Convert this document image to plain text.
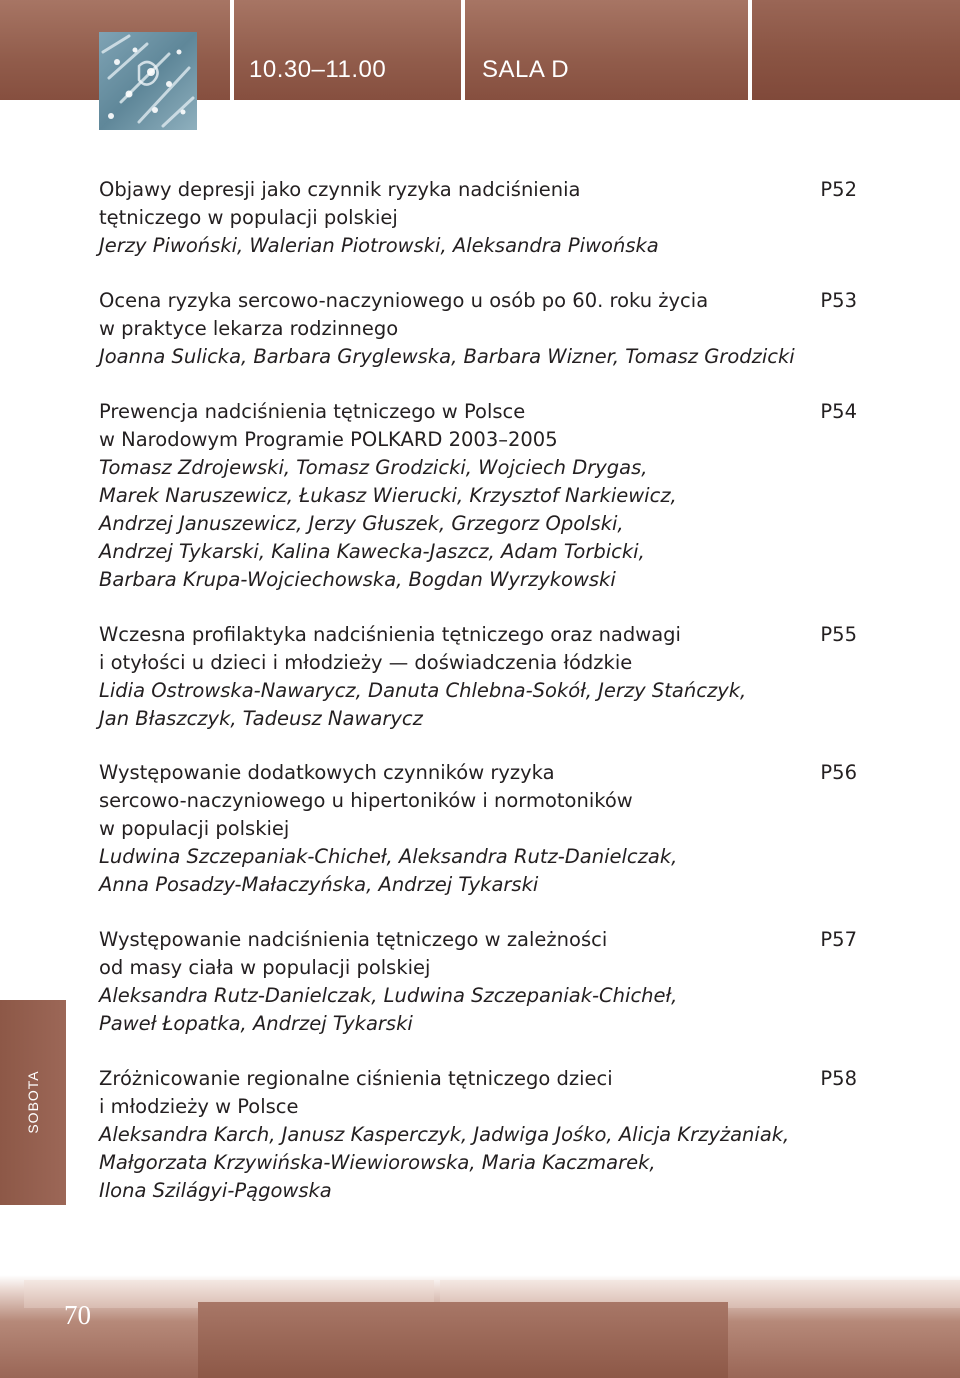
10.30–11.00	SALA D
P52
Objawy depresji jako czynnik ryzyka nadciśnienia
tętniczego w populacji polskiej
Jerzy Piwoński, Walerian Piotrowski, Aleksandra Piwońska
P53
Ocena ryzyka sercowo-naczyniowego u osób po 60. roku życia
w praktyce lekarza rodzinnego
Joanna Sulicka, Barbara Gryglewska, Barbara Wizner, Tomasz Grodzicki
P54
Prewencja nadciśnienia tętniczego w Polsce
w Narodowym Programie POLKARD 2003–2005
Tomasz Zdrojewski, Tomasz Grodzicki, Wojciech Drygas,
Marek Naruszewicz, Łukasz Wierucki, Krzysztof Narkiewicz,
Andrzej Januszewicz, Jerzy Głuszek, Grzegorz Opolski,
Andrzej Tykarski, Kalina Kawecka-Jaszcz, Adam Torbicki,
Barbara Krupa-Wojciechowska, Bogdan Wyrzykowski
P55
Wczesna profilaktyka nadciśnienia tętniczego oraz nadwagi
i otyłości u dzieci i młodzieży — doświadczenia łódzkie
Lidia Ostrowska-Nawarycz, Danuta Chlebna-Sokół, Jerzy Stańczyk,
Jan Błaszczyk, Tadeusz Nawarycz
P56
Występowanie dodatkowych czynników ryzyka
sercowo-naczyniowego u hipertoników i normotoników
w populacji polskiej
Ludwina Szczepaniak-Chicheł, Aleksandra Rutz-Danielczak,
Anna Posadzy-Małaczyńska, Andrzej Tykarski
P57
Występowanie nadciśnienia tętniczego w zależności
od masy ciała w populacji polskiej
Aleksandra Rutz-Danielczak, Ludwina Szczepaniak-Chicheł,
Paweł Łopatka, Andrzej Tykarski
P58
Zróżnicowanie regionalne ciśnienia tętniczego dzieci
i młodzieży w Polsce
Aleksandra Karch, Janusz Kasperczyk, Jadwiga Jośko, Alicja Krzyżaniak,
Małgorzata Krzywińska-Wiewiorowska, Maria Kaczmarek,
Ilona Szilágyi-Pągowska
SOBOTA
70
